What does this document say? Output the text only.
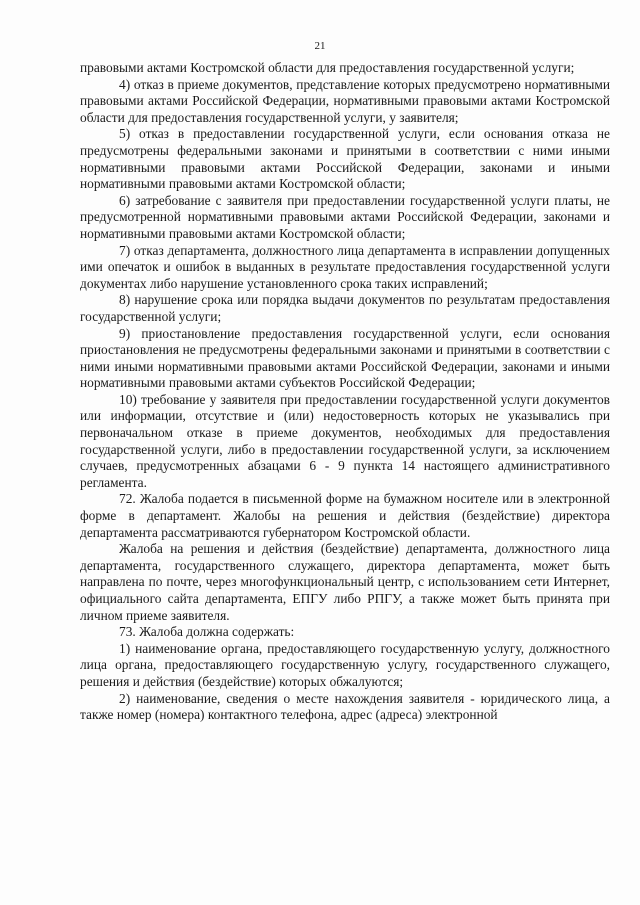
21

правовыми актами Костромской области для предоставления государственной услуги;

4) отказ в приеме документов, представление которых предусмотрено нормативными правовыми актами Российской Федерации, нормативными правовыми актами Костромской области для предоставления государственной услуги, у заявителя;

5) отказ в предоставлении государственной услуги, если основания отказа не предусмотрены федеральными законами и принятыми в соответствии с ними иными нормативными правовыми актами Российской Федерации, законами и иными нормативными правовыми актами Костромской области;

6) затребование с заявителя при предоставлении государственной услуги платы, не предусмотренной нормативными правовыми актами Российской Федерации, законами и нормативными правовыми актами Костромской области;

7) отказ департамента, должностного лица департамента в исправлении допущенных ими опечаток и ошибок в выданных в результате предоставления государственной услуги документах либо нарушение установленного срока таких исправлений;

8) нарушение срока или порядка выдачи документов по результатам предоставления государственной услуги;

9) приостановление предоставления государственной услуги, если основания приостановления не предусмотрены федеральными законами и принятыми в соответствии с ними иными нормативными правовыми актами Российской Федерации, законами и иными нормативными правовыми актами субъектов Российской Федерации;

10) требование у заявителя при предоставлении государственной услуги документов или информации, отсутствие и (или) недостоверность которых не указывались при первоначальном отказе в приеме документов, необходимых для предоставления государственной услуги, либо в предоставлении государственной услуги, за исключением случаев, предусмотренных абзацами 6 - 9 пункта 14 настоящего административного регламента.

72. Жалоба подается в письменной форме на бумажном носителе или в электронной форме в департамент. Жалобы на решения и действия (бездействие) директора департамента рассматриваются губернатором Костромской области.

Жалоба на решения и действия (бездействие) департамента, должностного лица департамента, государственного служащего, директора департамента, может быть направлена по почте, через многофункциональный центр, с использованием сети Интернет, официального сайта департамента, ЕПГУ либо РПГУ, а также может быть принята при личном приеме заявителя.

73. Жалоба должна содержать:

1) наименование органа, предоставляющего государственную услугу, должностного лица органа, предоставляющего государственную услугу, государственного служащего, решения и действия (бездействие) которых обжалуются;

2) наименование, сведения о месте нахождения заявителя - юридического лица, а также номер (номера) контактного телефона, адрес (адреса) электронной
